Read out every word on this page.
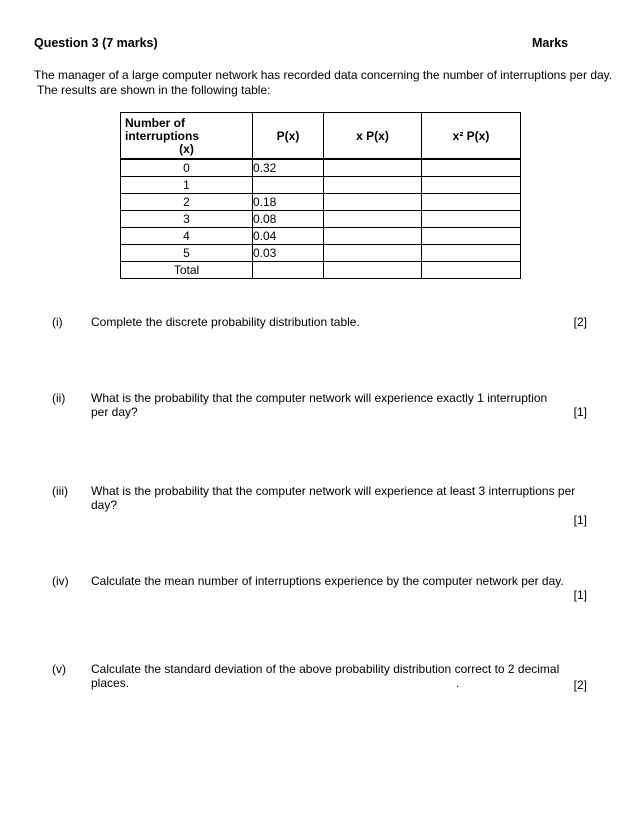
Question 3 (7 marks)	Marks
The manager of a large computer network has recorded data concerning the number of interruptions per day.
The results are shown in the following table:
Number of interruptions
(x)	P(x)	x P(x)	x² P(x)

0	0.32		
1			
2	0.18		
3	0.08		
4	0.04		
5	0.03		
Total			
(i) Complete the discrete probability distribution table.	[2]
(ii) What is the probability that the computer network will experience exactly 1 interruption
per day?	[1]
(iii) What is the probability that the computer network will experience at least 3 interruptions per
day?
[1]
(iv) Calculate the mean number of interruptions experience by the computer network per day.
[1]
(v) Calculate the standard deviation of the above probability distribution correct to 2 decimal
places.	.	[2]
